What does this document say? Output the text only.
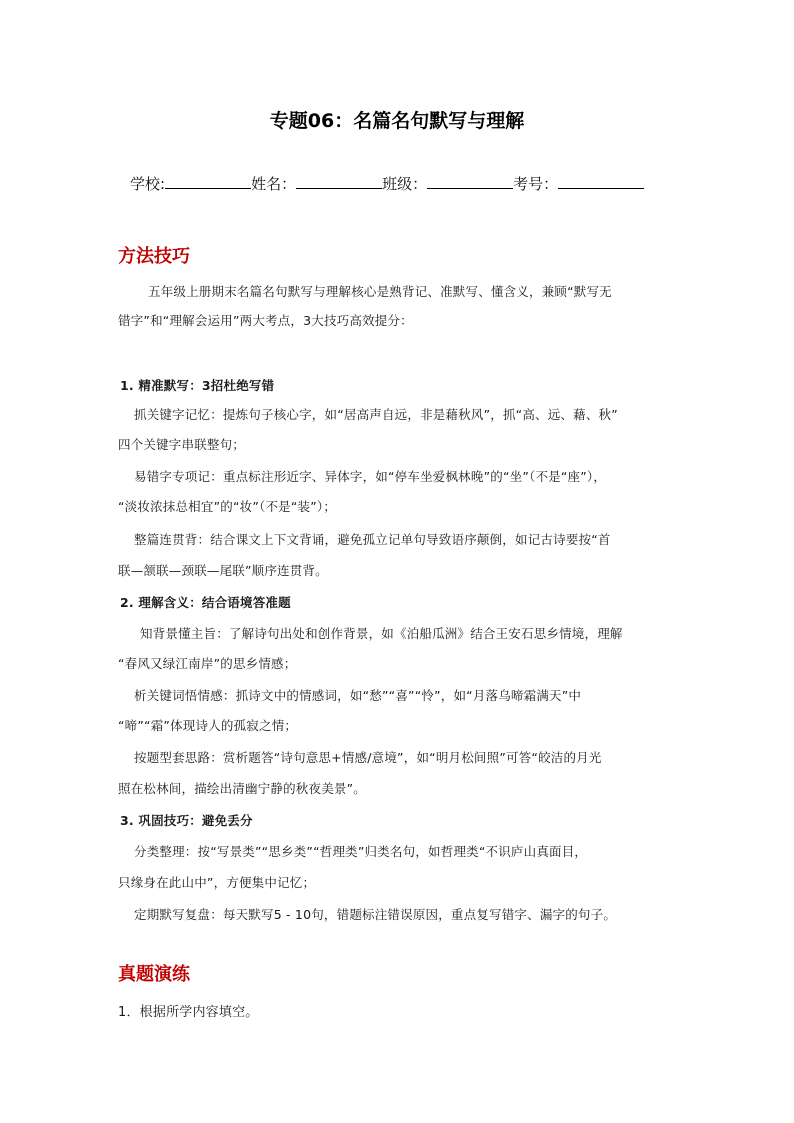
专题06：名篇名句默写与理解
学校:	姓名：	班级：	考号：
方法技巧
五年级上册期末名篇名句默写与理解核心是熟背记、准默写、懂含义，兼顾“默写无
错字”和“理解会运用”两大考点，3大技巧高效提分：
1. 精准默写：3招杜绝写错
抓关键字记忆：提炼句子核心字，如“居高声自远，非是藉秋风”，抓“高、远、藉、秋”
四个关键字串联整句；
易错字专项记：重点标注形近字、异体字，如“停车坐爱枫林晚”的“坐”（不是“座”），
“淡妆浓抹总相宜”的“妆”（不是“装”）；
整篇连贯背：结合课文上下文背诵，避免孤立记单句导致语序颠倒，如记古诗要按“首
联—颔联—颈联—尾联”顺序连贯背。
2. 理解含义：结合语境答准题
知背景懂主旨：了解诗句出处和创作背景，如《泊船瓜洲》结合王安石思乡情境，理解
“春风又绿江南岸”的思乡情感；
析关键词悟情感：抓诗文中的情感词，如“愁”“喜”“怜”，如“月落乌啼霜满天”中
“啼”“霜”体现诗人的孤寂之情；
按题型套思路：赏析题答“诗句意思+情感/意境”，如“明月松间照”可答“皎洁的月光
照在松林间，描绘出清幽宁静的秋夜美景”。
3. 巩固技巧：避免丢分
分类整理：按“写景类”“思乡类”“哲理类”归类名句，如哲理类“不识庐山真面目，
只缘身在此山中”，方便集中记忆；
定期默写复盘：每天默写5 - 10句，错题标注错误原因，重点复写错字、漏字的句子。
真题演练
1．根据所学内容填空。
